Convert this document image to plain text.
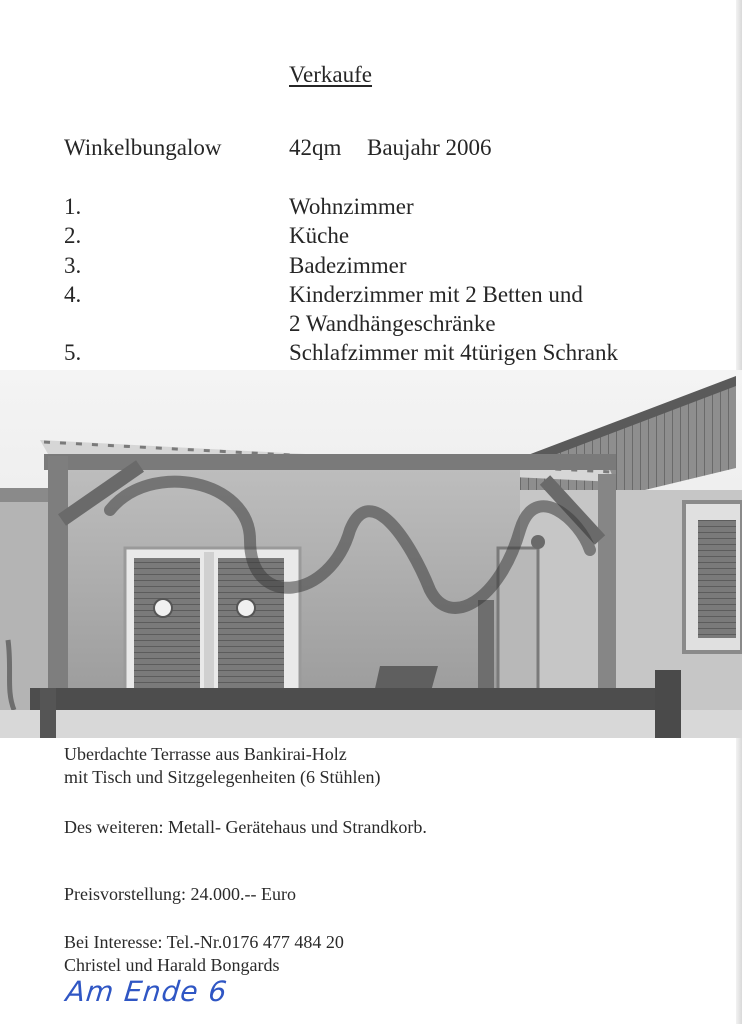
Verkaufe
Winkelbungalow	42qm Baujahr 2006
1.	Wohnzimmer
2.	Küche
3.	Badezimmer
4.	Kinderzimmer mit 2 Betten und
2 Wandhängeschränke
5.	Schlafzimmer mit 4türigen Schrank
Uberdachte Terrasse aus Bankirai-Holz
mit Tisch und Sitzgelegenheiten (6 Stühlen)
Des weiteren: Metall- Gerätehaus und Strandkorb.
Preisvorstellung: 24.000.-- Euro
Bei Interesse: Tel.-Nr.0176 477 484 20
Christel und Harald Bongards
Am Ende 6
